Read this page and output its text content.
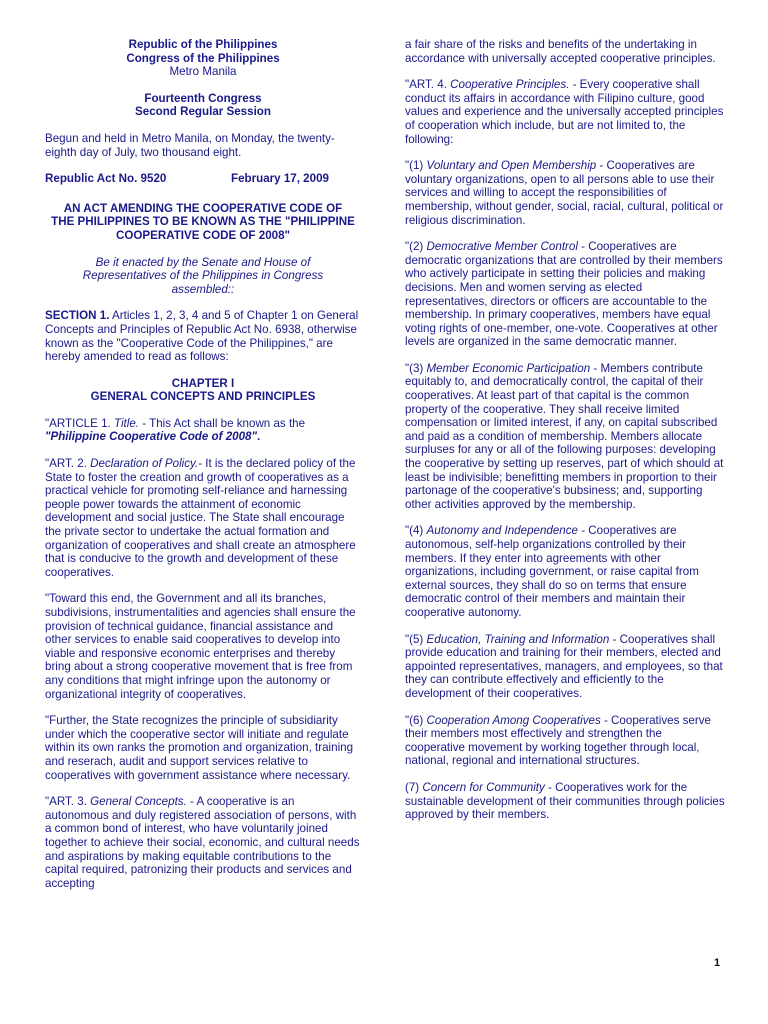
Republic of the Philippines
Congress of the Philippines
Metro Manila
Fourteenth Congress
Second Regular Session

Begun and held in Metro Manila, on Monday, the twenty-eighth day of July, two thousand eight.

Republic Act No. 9520	February 17, 2009

AN ACT AMENDING THE COOPERATIVE CODE OF THE PHILIPPINES TO BE KNOWN AS THE "PHILIPPINE COOPERATIVE CODE OF 2008"

Be it enacted by the Senate and House of Representatives of the Philippines in Congress assembled::

SECTION 1. Articles 1, 2, 3, 4 and 5 of Chapter 1 on General Concepts and Principles of Republic Act No. 6938, otherwise known as the "Cooperative Code of the Philippines," are hereby amended to read as follows:

CHAPTER I
GENERAL CONCEPTS AND PRINCIPLES

"ARTICLE 1. Title. - This Act shall be known as the "Philippine Cooperative Code of 2008".

"ART. 2. Declaration of Policy.- It is the declared policy of the State to foster the creation and growth of cooperatives as a practical vehicle for promoting self-reliance and harnessing people power towards the attainment of economic development and social justice. The State shall encourage the private sector to undertake the actual formation and organization of cooperatives and shall create an atmosphere that is conducive to the growth and development of these cooperatives.

"Toward this end, the Government and all its branches, subdivisions, instrumentalities and agencies shall ensure the provision of technical guidance, financial assistance and other services to enable said cooperatives to develop into viable and responsive economic enterprises and thereby bring about a strong cooperative movement that is free from any conditions that might infringe upon the autonomy or organizational integrity of cooperatives.

"Further, the State recognizes the principle of subsidiarity under which the cooperative sector will initiate and regulate within its own ranks the promotion and organization, training and reserach, audit and support services relative to cooperatives with government assistance where necessary.

"ART. 3. General Concepts. - A cooperative is an autonomous and duly registered association of persons, with a common bond of interest, who have voluntarily joined together to achieve their social, economic, and cultural needs and aspirations by making equitable contributions to the capital required, patronizing their products and services and accepting

a fair share of the risks and benefits of the undertaking in accordance with universally accepted cooperative principles.

"ART. 4. Cooperative Principles. - Every cooperative shall conduct its affairs in accordance with Filipino culture, good values and experience and the universally accepted principles of cooperation which include, but are not limited to, the following:

"(1) Voluntary and Open Membership - Cooperatives are voluntary organizations, open to all persons able to use their services and willing to accept the responsibilities of membership, without gender, social, racial, cultural, political or religious discrimination.

"(2) Democrative Member Control - Cooperatives are democratic organizations that are controlled by their members who actively participate in setting their policies and making decisions. Men and women serving as elected representatives, directors or officers are accountable to the membership. In primary cooperatives, members have equal voting rights of one-member, one-vote. Cooperatives at other levels are organized in the same democratic manner.

"(3) Member Economic Participation - Members contribute equitably to, and democratically control, the capital of their cooperatives. At least part of that capital is the common property of the cooperative. They shall receive limited compensation or limited interest, if any, on capital subscribed and paid as a condition of membership. Members allocate surpluses for any or all of the following purposes: developing the cooperative by setting up reserves, part of which should at least be indivisible; benefitting members in proportion to their partonage of the cooperative's bubsiness; and, supporting other activities approved by the membership.

"(4) Autonomy and Independence - Cooperatives are autonomous, self-help organizations controlled by their members. If they enter into agreements with other organizations, including government, or raise capital from external sources, they shall do so on terms that ensure democratic control of their members and maintain their cooperative autonomy.

"(5) Education, Training and Information - Cooperatives shall provide education and training for their members, elected and appointed representatives, managers, and employees, so that they can contribute effectively and efficiently to the development of their cooperatives.

"(6) Cooperation Among Cooperatives - Cooperatives serve their members most effectively and strengthen the cooperative movement by working together through local, national, regional and international structures.

(7) Concern for Community - Cooperatives work for the sustainable development of their communities through policies approved by their members.

1
